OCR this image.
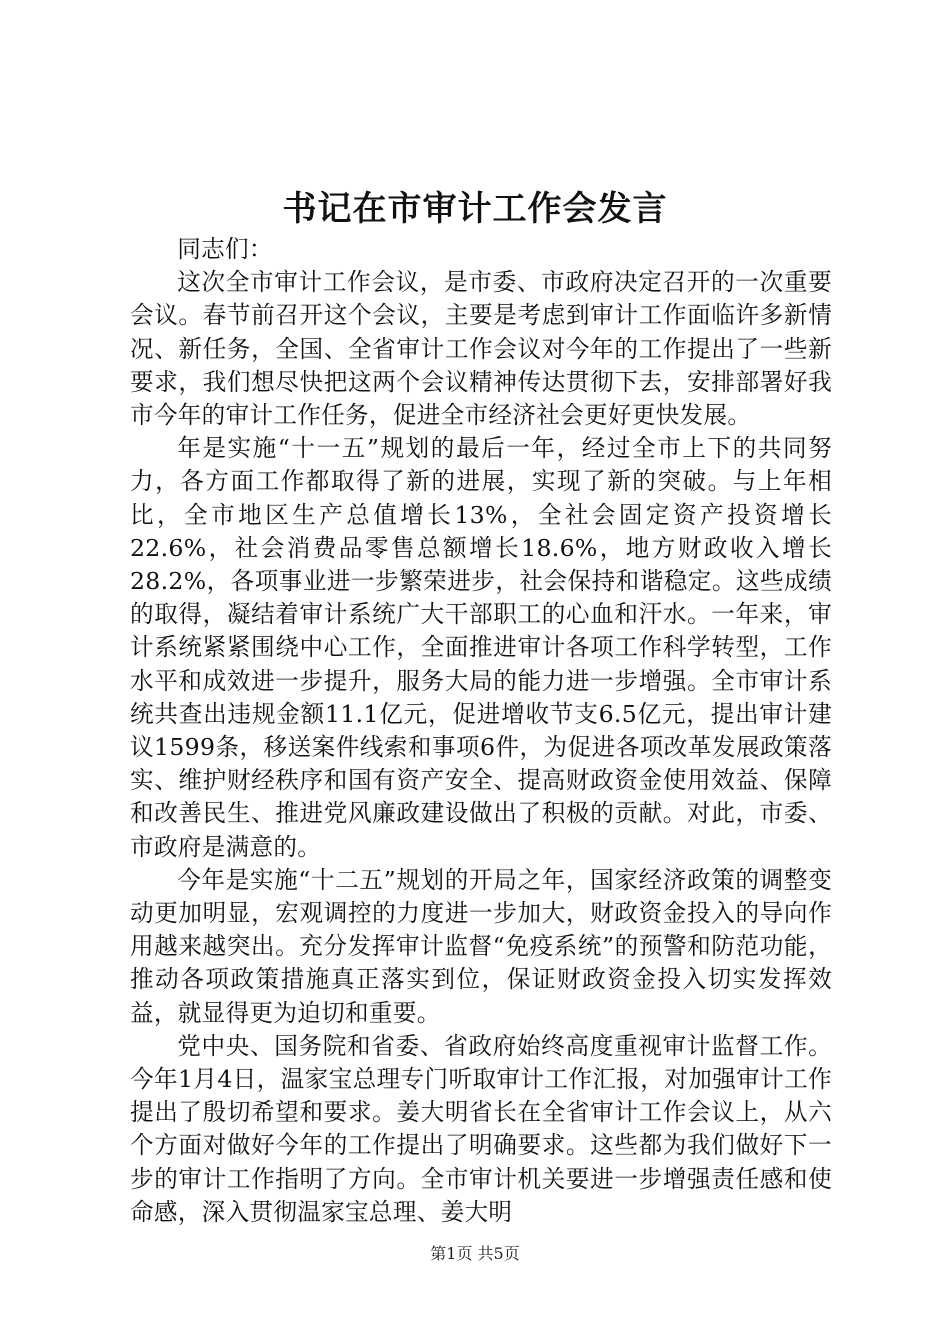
书记在市审计工作会发言

同志们：

这次全市审计工作会议，是市委、市政府决定召开的一次重要会议。春节前召开这个会议，主要是考虑到审计工作面临许多新情况、新任务，全国、全省审计工作会议对今年的工作提出了一些新要求，我们想尽快把这两个会议精神传达贯彻下去，安排部署好我市今年的审计工作任务，促进全市经济社会更好更快发展。

年是实施“十一五”规划的最后一年，经过全市上下的共同努力，各方面工作都取得了新的进展，实现了新的突破。与上年相比，全市地区生产总值增长13%，全社会固定资产投资增长22.6%，社会消费品零售总额增长18.6%，地方财政收入增长28.2%，各项事业进一步繁荣进步，社会保持和谐稳定。这些成绩的取得，凝结着审计系统广大干部职工的心血和汗水。一年来，审计系统紧紧围绕中心工作，全面推进审计各项工作科学转型，工作水平和成效进一步提升，服务大局的能力进一步增强。全市审计系统共查出违规金额11.1亿元，促进增收节支6.5亿元，提出审计建议1599条，移送案件线索和事项6件，为促进各项改革发展政策落实、维护财经秩序和国有资产安全、提高财政资金使用效益、保障和改善民生、推进党风廉政建设做出了积极的贡献。对此，市委、市政府是满意的。

今年是实施“十二五”规划的开局之年，国家经济政策的调整变动更加明显，宏观调控的力度进一步加大，财政资金投入的导向作用越来越突出。充分发挥审计监督“免疫系统”的预警和防范功能，推动各项政策措施真正落实到位，保证财政资金投入切实发挥效益，就显得更为迫切和重要。

党中央、国务院和省委、省政府始终高度重视审计监督工作。今年1月4日，温家宝总理专门听取审计工作汇报，对加强审计工作提出了殷切希望和要求。姜大明省长在全省审计工作会议上，从六个方面对做好今年的工作提出了明确要求。这些都为我们做好下一步的审计工作指明了方向。全市审计机关要进一步增强责任感和使命感，深入贯彻温家宝总理、姜大明

第1页 共5页
